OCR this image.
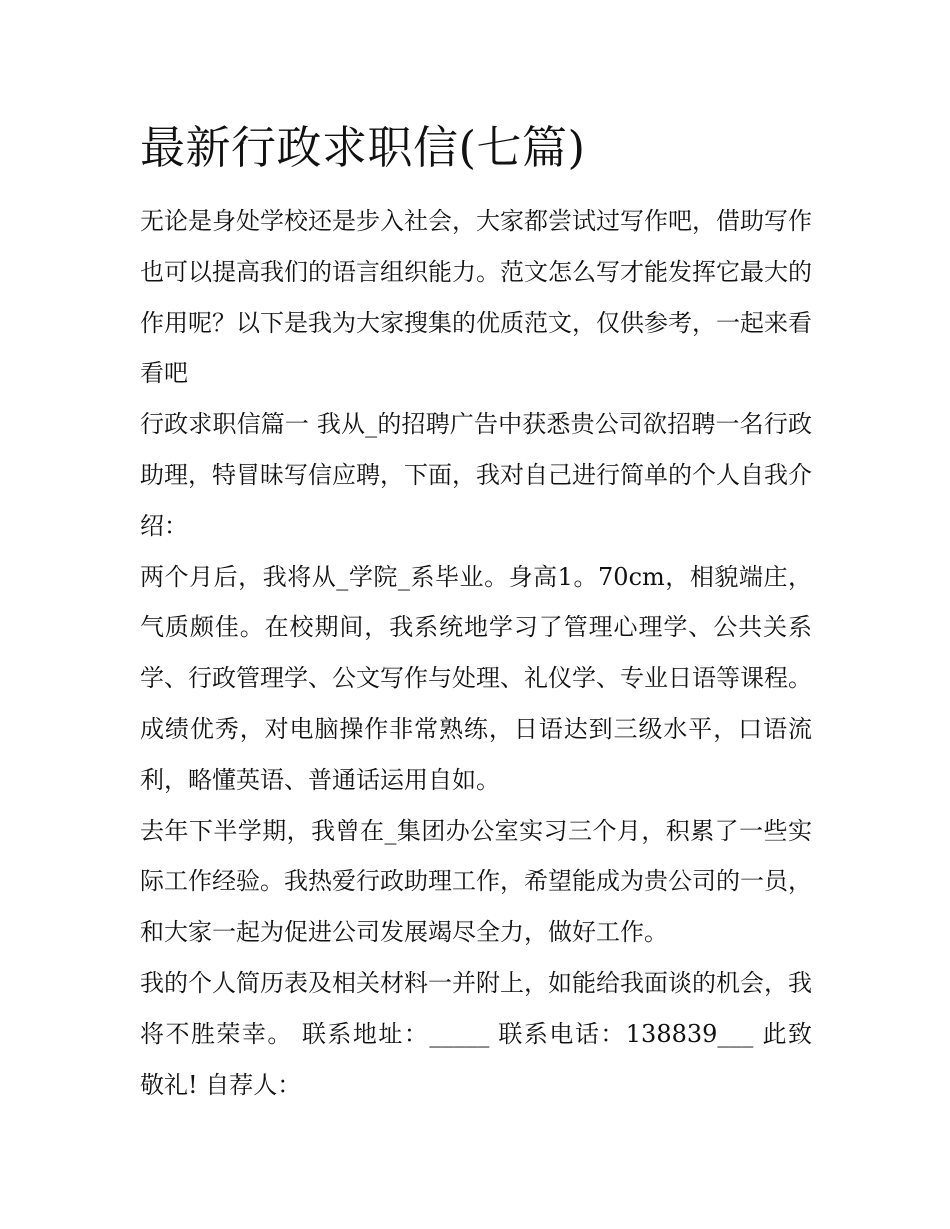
最新行政求职信(七篇)

无论是身处学校还是步入社会，大家都尝试过写作吧，借助写作也可以提高我们的语言组织能力。范文怎么写才能发挥它最大的作用呢？以下是我为大家搜集的优质范文，仅供参考，一起来看看吧

行政求职信篇一 我从_的招聘广告中获悉贵公司欲招聘一名行政助理，特冒昧写信应聘，下面，我对自己进行简单的个人自我介绍：

两个月后，我将从_学院_系毕业。身高1。70cm，相貌端庄，气质颇佳。在校期间，我系统地学习了管理心理学、公共关系学、行政管理学、公文写作与处理、礼仪学、专业日语等课程。成绩优秀，对电脑操作非常熟练，日语达到三级水平，口语流利，略懂英语、普通话运用自如。

去年下半学期，我曾在_集团办公室实习三个月，积累了一些实际工作经验。我热爱行政助理工作，希望能成为贵公司的一员，和大家一起为促进公司发展竭尽全力，做好工作。

我的个人简历表及相关材料一并附上，如能给我面谈的机会，我将不胜荣幸。 联系地址：_____ 联系电话：138839___ 此致 敬礼! 自荐人：
